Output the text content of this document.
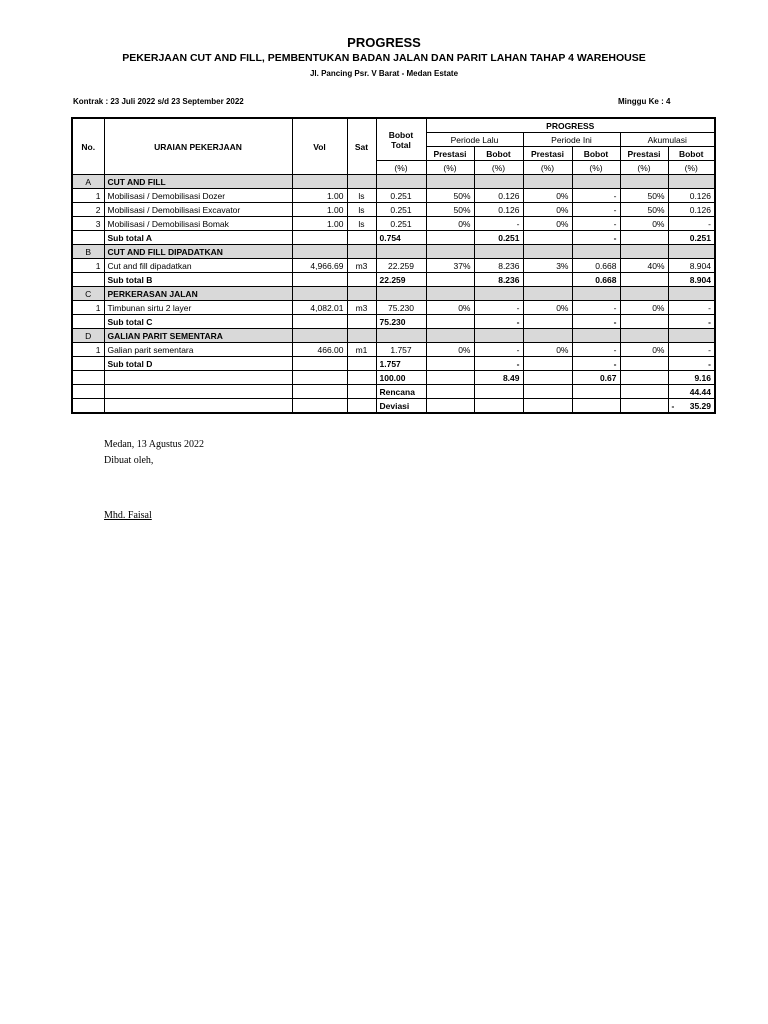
PROGRESS
PEKERJAAN CUT AND FILL, PEMBENTUKAN BADAN JALAN DAN PARIT LAHAN TAHAP 4 WAREHOUSE
Jl. Pancing Psr. V Barat - Medan Estate
Kontrak : 23 Juli 2022 s/d 23 September 2022	Minggu Ke : 4
No.	URAIAN PEKERJAAN	Vol	Sat	Bobot Total	PROGRESS					
					Periode Lalu		Periode Ini		Akumulasi	
					Prestasi	Bobot	Prestasi	Bobot	Prestasi	Bobot
				(%)	(%)	(%)	(%)	(%)	(%)	(%)
A	CUT AND FILL									
1	Mobilisasi / Demobilisasi Dozer	1.00	ls	0.251	50%	0.126	0%	-	50%	0.126
2	Mobilisasi / Demobilisasi Excavator	1.00	ls	0.251	50%	0.126	0%	-	50%	0.126
3	Mobilisasi / Demobilisasi Bomak	1.00	ls	0.251	0%	-	0%	-	0%	-
	Sub total A			0.754		0.251		-		0.251
B	CUT AND FILL DIPADATKAN									
1	Cut and fill dipadatkan	4,966.69	m3	22.259	37%	8.236	3%	0.668	40%	8.904
	Sub total B			22.259		8.236		0.668		8.904
C	PERKERASAN JALAN									
1	Timbunan sirtu 2 layer	4,082.01	m3	75.230	0%	-	0%	-	0%	-
	Sub total C			75.230		-		-		-
D	GALIAN PARIT SEMENTARA									
1	Galian parit sementara	466.00	m1	1.757	0%	-	0%	-	0%	-
	Sub total D			1.757		-		-		-
				100.00		8.49		0.67		9.16
				Rencana						44.44
				Deviasi						- 35.29
Medan, 13 Agustus 2022
Dibuat oleh,
Mhd. Faisal
